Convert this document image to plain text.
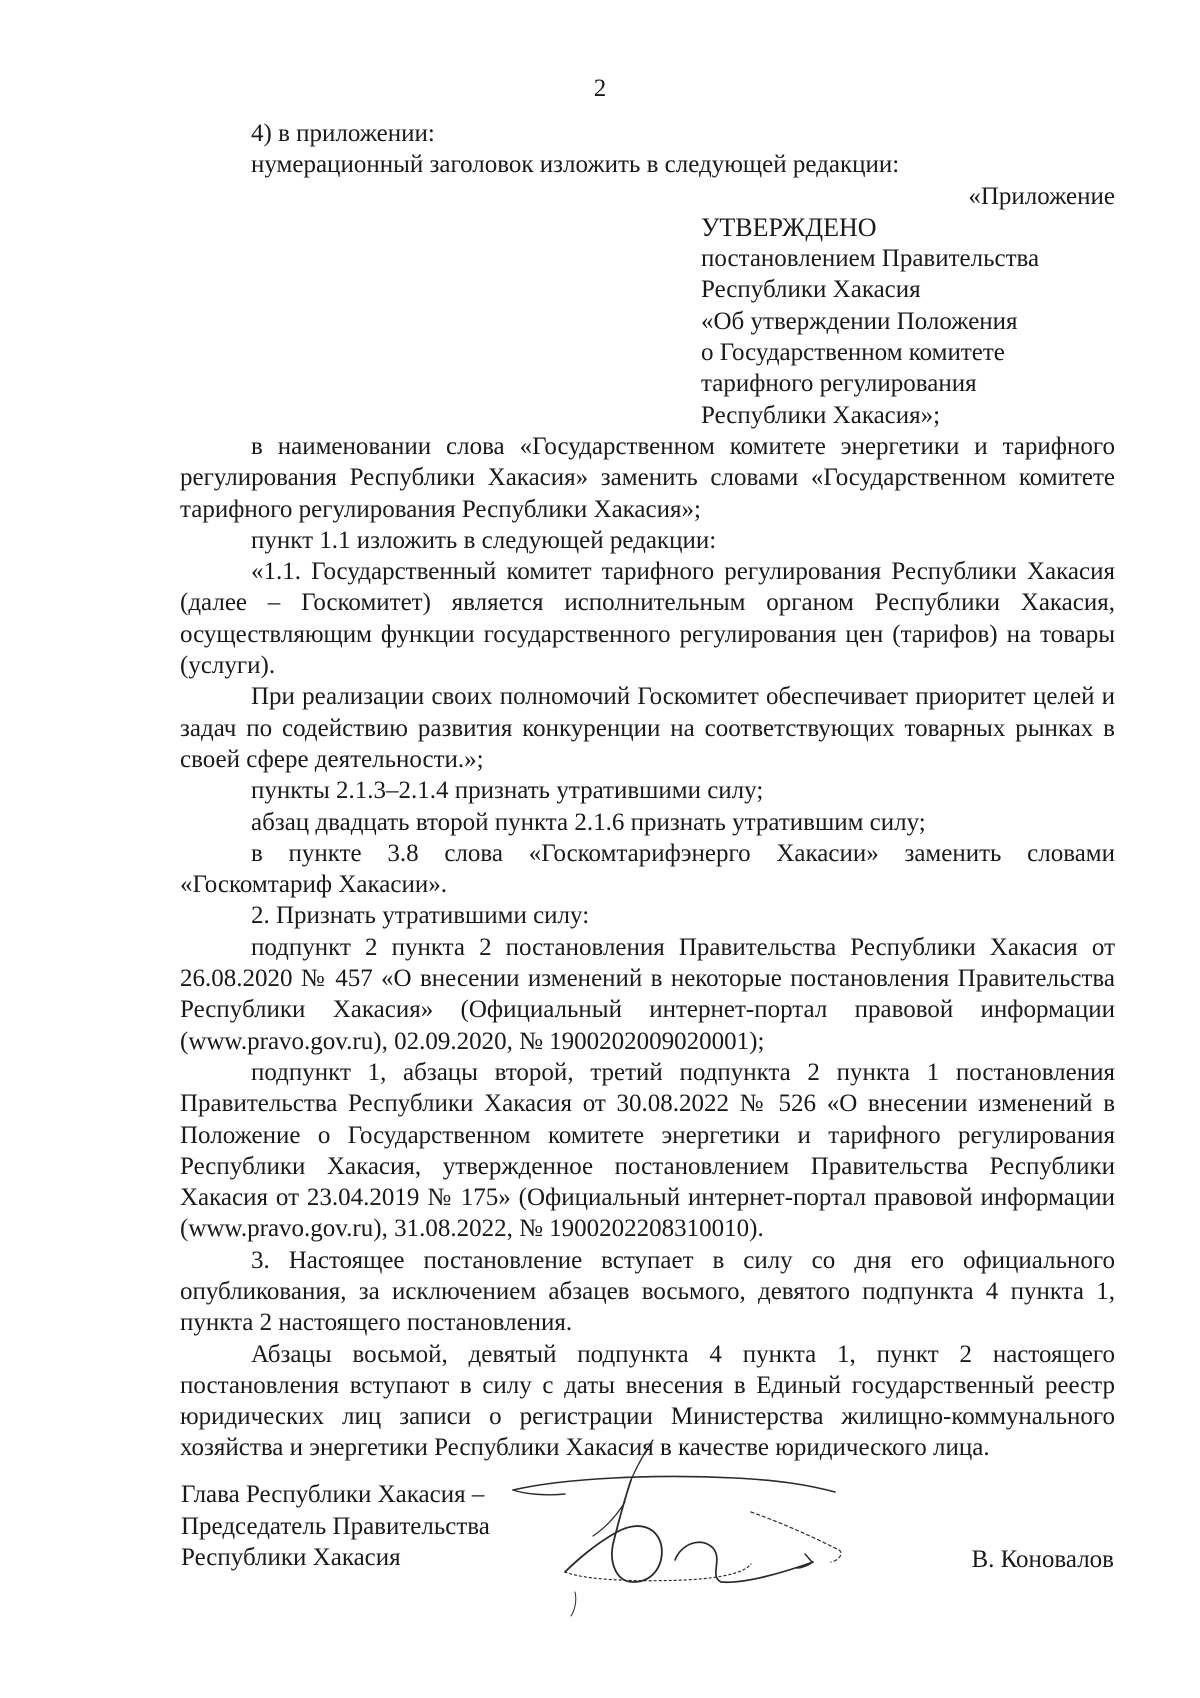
2

4) в приложении:

нумерационный заголовок изложить в следующей редакции:

«Приложение

УТВЕРЖДЕНО
постановлением Правительства
Республики Хакасия
«Об утверждении Положения
о Государственном комитете
тарифного регулирования
Республики Хакасия»;

в наименовании слова «Государственном комитете энергетики и тарифного регулирования Республики Хакасия» заменить словами «Государственном комитете тарифного регулирования Республики Хакасия»;

пункт 1.1 изложить в следующей редакции:

«1.1. Государственный комитет тарифного регулирования Республики Хакасия (далее – Госкомитет) является исполнительным органом Республики Хакасия, осуществляющим функции государственного регулирования цен (тарифов) на товары (услуги).

При реализации своих полномочий Госкомитет обеспечивает приоритет целей и задач по содействию развития конкуренции на соответствующих товарных рынках в своей сфере деятельности.»;

пункты 2.1.3–2.1.4 признать утратившими силу;

абзац двадцать второй пункта 2.1.6 признать утратившим силу;

в пункте 3.8 слова «Госкомтарифэнерго Хакасии» заменить словами «Госкомтариф Хакасии».

2. Признать утратившими силу:

подпункт 2 пункта 2 постановления Правительства Республики Хакасия от 26.08.2020 № 457 «О внесении изменений в некоторые постановления Правительства Республики Хакасия» (Официальный интернет-портал правовой информации (www.pravo.gov.ru), 02.09.2020, № 1900202009020001);

подпункт 1, абзацы второй, третий подпункта 2 пункта 1 постановления Правительства Республики Хакасия от 30.08.2022 № 526 «О внесении изменений в Положение о Государственном комитете энергетики и тарифного регулирования Республики Хакасия, утвержденное постановлением Правительства Республики Хакасия от 23.04.2019 № 175» (Официальный интернет-портал правовой информации (www.pravo.gov.ru), 31.08.2022, № 1900202208310010).

3. Настоящее постановление вступает в силу со дня его официального опубликования, за исключением абзацев восьмого, девятого подпункта 4 пункта 1, пункта 2 настоящего постановления.

Абзацы восьмой, девятый подпункта 4 пункта 1, пункт 2 настоящего постановления вступают в силу с даты внесения в Единый государственный реестр юридических лиц записи о регистрации Министерства жилищно-коммунального хозяйства и энергетики Республики Хакасия в качестве юридического лица.

Глава Республики Хакасия –
Председатель Правительства
Республики Хакасия	В. Коновалов
